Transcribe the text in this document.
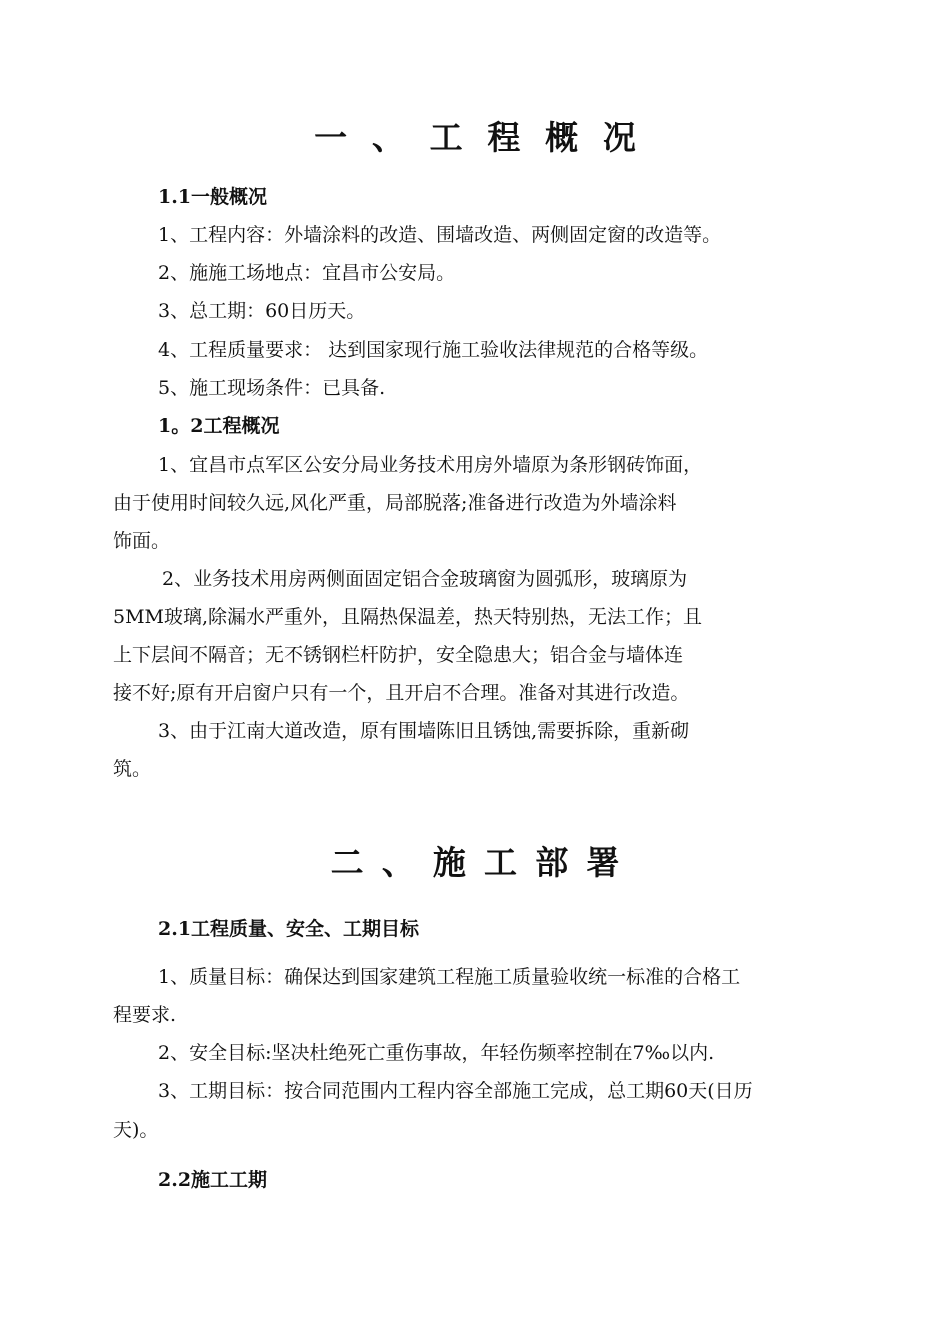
一、工程概况
1.1一般概况
1、工程内容：外墙涂料的改造、围墙改造、两侧固定窗的改造等。
2、施施工场地点：宜昌市公安局。
3、总工期：60日历天。
4、工程质量要求： 达到国家现行施工验收法律规范的合格等级。
5、施工现场条件：已具备.
1。2工程概况
1、宜昌市点军区公安分局业务技术用房外墙原为条形钢砖饰面，
由于使用时间较久远,风化严重，局部脱落;准备进行改造为外墙涂料
饰面。
2、业务技术用房两侧面固定铝合金玻璃窗为圆弧形，玻璃原为
5MM玻璃,除漏水严重外，且隔热保温差，热天特别热，无法工作；且
上下层间不隔音；无不锈钢栏杆防护，安全隐患大；铝合金与墙体连
接不好;原有开启窗户只有一个，且开启不合理。准备对其进行改造。
3、由于江南大道改造，原有围墙陈旧且锈蚀,需要拆除，重新砌
筑。
二、施工部署
2.1工程质量、安全、工期目标
1、质量目标：确保达到国家建筑工程施工质量验收统一标准的合格工
程要求.
2、安全目标:坚决杜绝死亡重伤事故，年轻伤频率控制在7‰以内.
3、工期目标：按合同范围内工程内容全部施工完成，总工期60天(日历
天)。
2.2施工工期
